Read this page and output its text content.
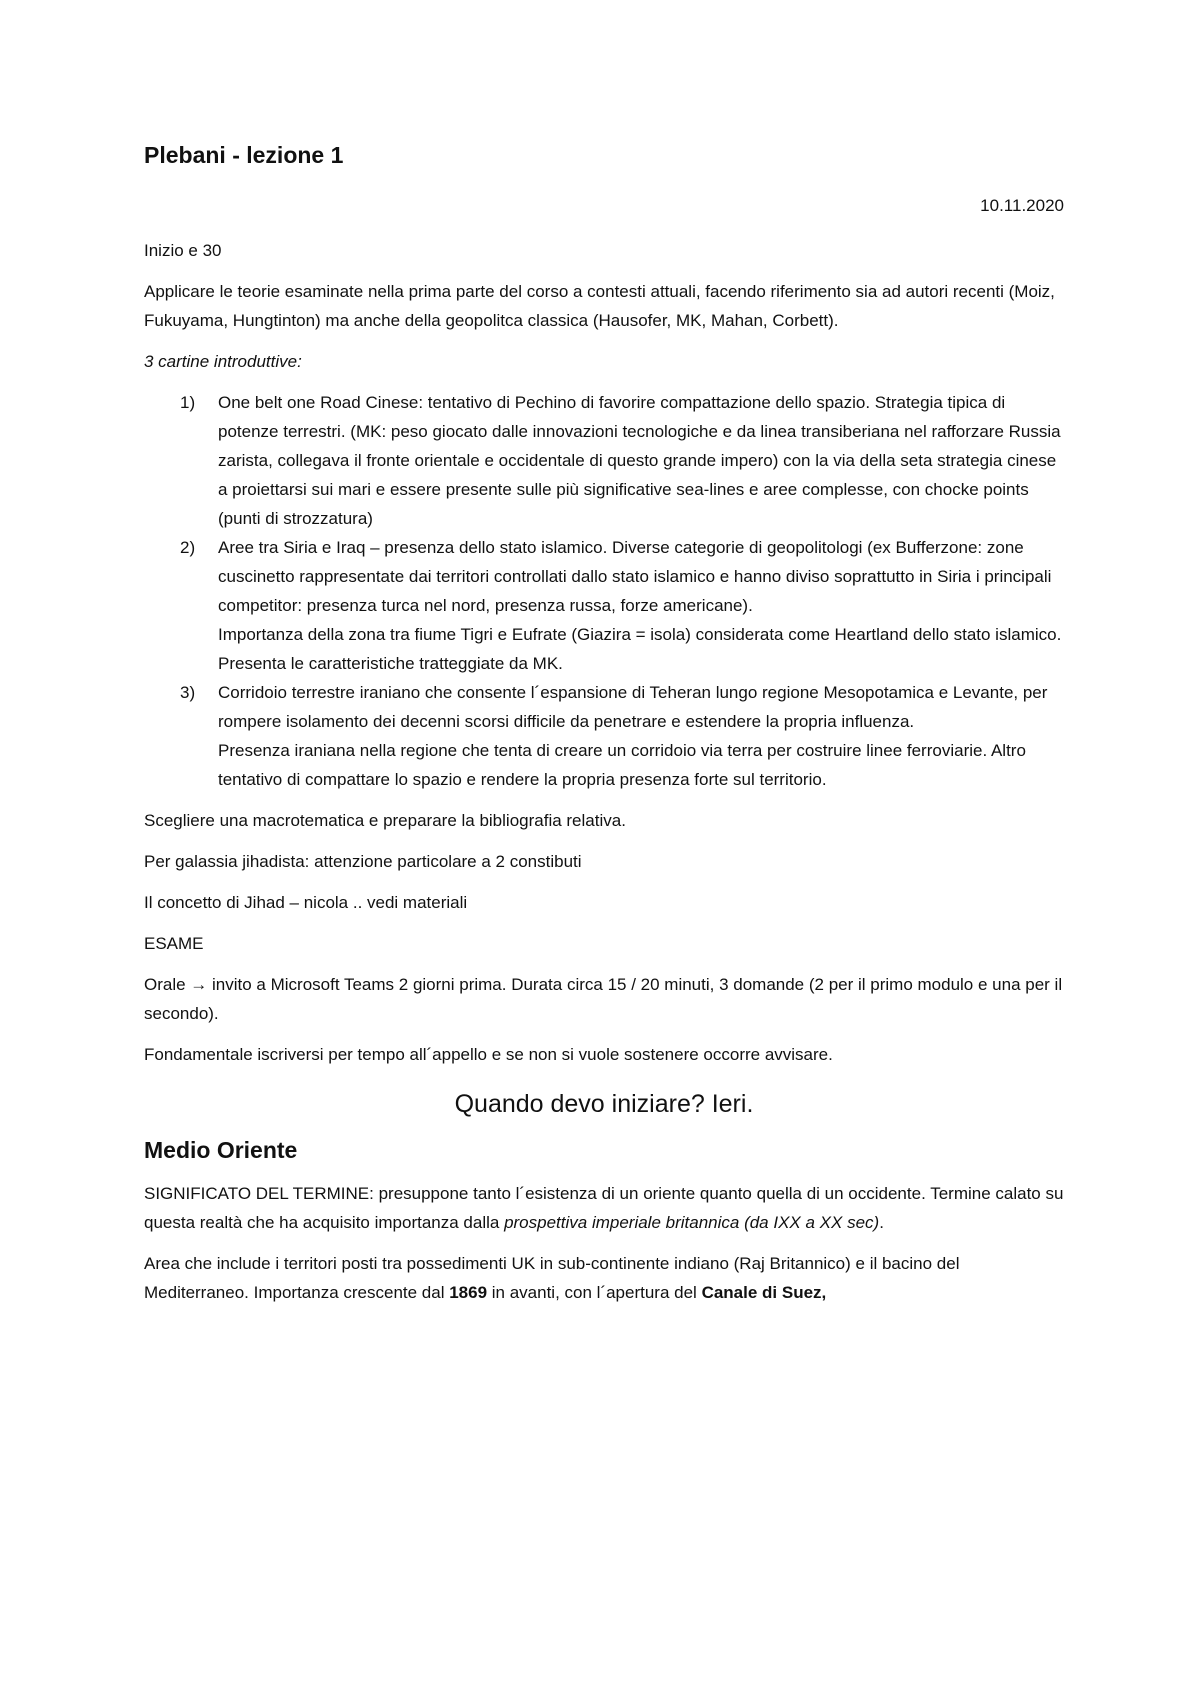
Plebani - lezione 1
10.11.2020

Inizio e 30

Applicare le teorie esaminate nella prima parte del corso a contesti attuali, facendo riferimento sia ad autori recenti (Moiz, Fukuyama, Hungtinton) ma anche della geopolitca classica (Hausofer, MK, Mahan, Corbett).

3 cartine introduttive:

1) One belt one Road Cinese: tentativo di Pechino di favorire compattazione dello spazio. Strategia tipica di potenze terrestri. (MK: peso giocato dalle innovazioni tecnologiche e da linea transiberiana nel rafforzare Russia zarista, collegava il fronte orientale e occidentale di questo grande impero) con la via della seta strategia cinese a proiettarsi sui mari e essere presente sulle più significative sea-lines e aree complesse, con chocke points (punti di strozzatura)
2) Aree tra Siria e Iraq – presenza dello stato islamico. Diverse categorie di geopolitologi (ex Bufferzone: zone cuscinetto rappresentate dai territori controllati dallo stato islamico e hanno diviso soprattutto in Siria i principali competitor: presenza turca nel nord, presenza russa, forze americane).
Importanza della zona tra fiume Tigri e Eufrate (Giazira = isola) considerata come Heartland dello stato islamico. Presenta le caratteristiche tratteggiate da MK.
3) Corridoio terrestre iraniano che consente l´espansione di Teheran lungo regione Mesopotamica e Levante, per rompere isolamento dei decenni scorsi difficile da penetrare e estendere la propria influenza.
Presenza iraniana nella regione che tenta di creare un corridoio via terra per costruire linee ferroviarie. Altro tentativo di compattare lo spazio e rendere la propria presenza forte sul territorio.

Scegliere una macrotematica e preparare la bibliografia relativa.

Per galassia jihadista: attenzione particolare a 2 constibuti

Il concetto di Jihad – nicola .. vedi materiali

ESAME

Orale → invito a Microsoft Teams 2 giorni prima. Durata circa 15 / 20 minuti, 3 domande (2 per il primo modulo e una per il secondo).

Fondamentale iscriversi per tempo all´appello e se non si vuole sostenere occorre avvisare.

Quando devo iniziare? Ieri.
Medio Oriente

SIGNIFICATO DEL TERMINE: presuppone tanto l´esistenza di un oriente quanto quella di un occidente. Termine calato su questa realtà che ha acquisito importanza dalla prospettiva imperiale britannica (da IXX a XX sec).

Area che include i territori posti tra possedimenti UK in sub-continente indiano (Raj Britannico) e il bacino del Mediterraneo. Importanza crescente dal 1869 in avanti, con l´apertura del Canale di Suez,
